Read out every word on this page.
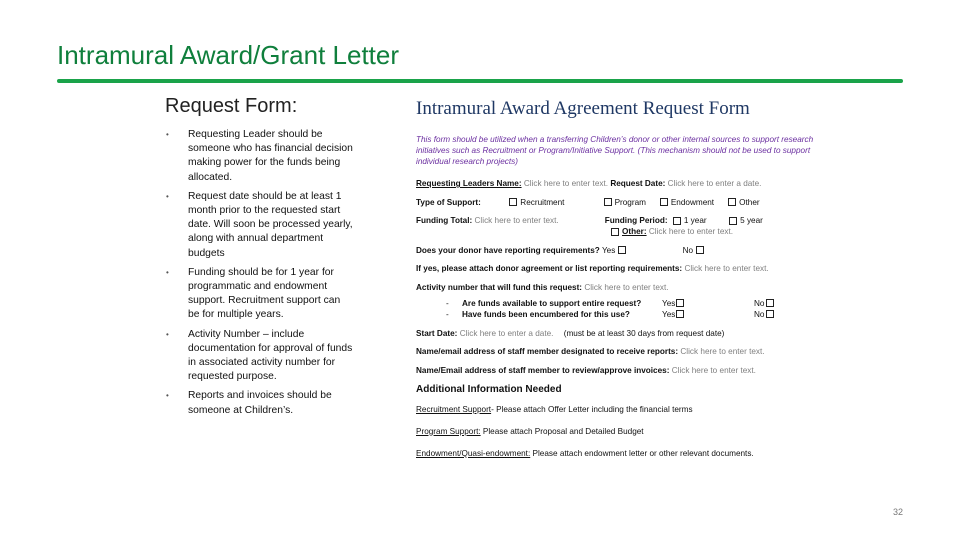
Intramural Award/Grant Letter
Request Form:
• Requesting Leader should be someone who has financial decision making power for the funds being allocated.
• Request date should be at least 1 month prior to the requested start date. Will soon be processed yearly, along with annual department budgets
• Funding should be for 1 year for programmatic and endowment support. Recruitment support can be for multiple years.
• Activity Number – include documentation for approval of funds in associated activity number for requested purpose.
• Reports and invoices should be someone at Children’s.
Intramural Award Agreement Request Form
This form should be utilized when a transferring Children’s donor or other internal sources to support research initiatives such as Recruitment or Program/Initiative Support. (This mechanism should not be used to support individual research projects)
Requesting Leaders Name: Click here to enter text. Request Date: Click here to enter a date.
Type of Support:	Recruitment	Program	Endowment	Other
Funding Total: Click here to enter text.	Funding Period: 1 year	5 year
Other: Click here to enter text.
Does your donor have reporting requirements? Yes	No
If yes, please attach donor agreement or list reporting requirements: Click here to enter text.
Activity number that will fund this request: Click here to enter text.
- Are funds available to support entire request?	Yes	No
- Have funds been encumbered for this use?	Yes	No
Start Date: Click here to enter a date. (must be at least 30 days from request date)
Name/email address of staff member designated to receive reports: Click here to enter text.
Name/Email address of staff member to review/approve invoices: Click here to enter text.
Additional Information Needed
Recruitment Support- Please attach Offer Letter including the financial terms
Program Support: Please attach Proposal and Detailed Budget
Endowment/Quasi-endowment: Please attach endowment letter or other relevant documents.
32
